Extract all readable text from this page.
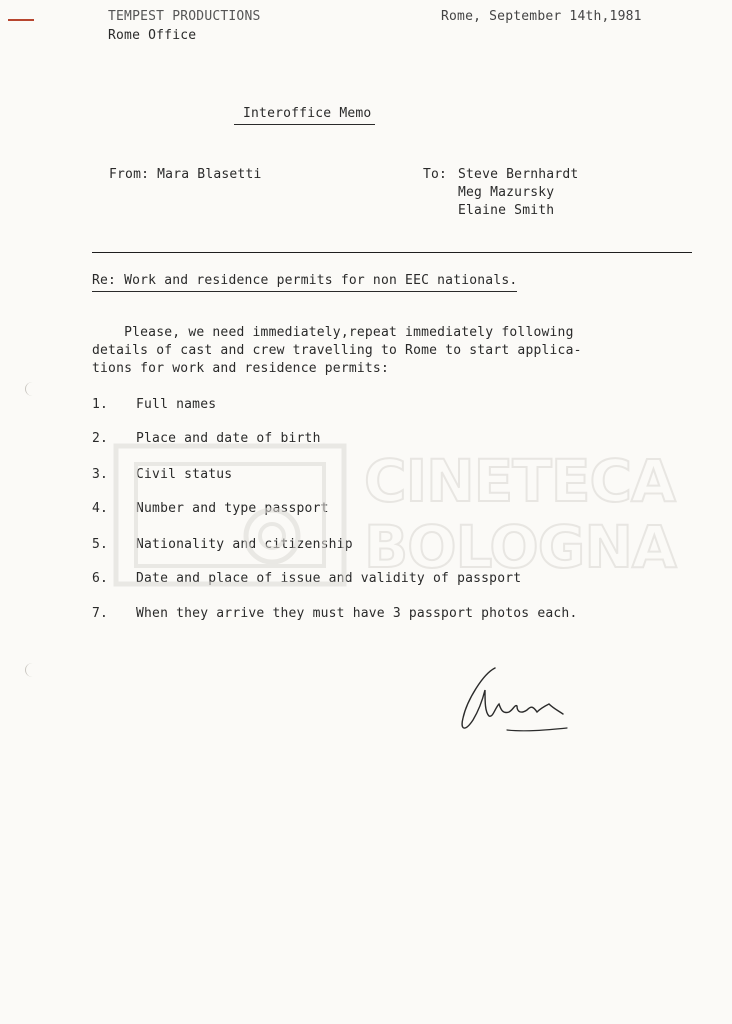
TEMPEST PRODUCTIONS
Rome Office
Rome, September 14th,1981
Interoffice Memo
From: Mara Blasetti	To: Steve Bernhardt
Meg Mazursky
Elaine Smith
Re: Work and residence permits for non EEC nationals.
Please, we need immediately,repeat immediately following
details of cast and crew travelling to Rome to start applica-
tions for work and residence permits:
1. Full names
2. Place and date of birth
3. Civil status
4. Number and type passport
5. Nationality and citizenship
6. Date and place of issue and validity of passport
7. When they arrive they must have 3 passport photos each.
CINETECA
BOLOGNA
